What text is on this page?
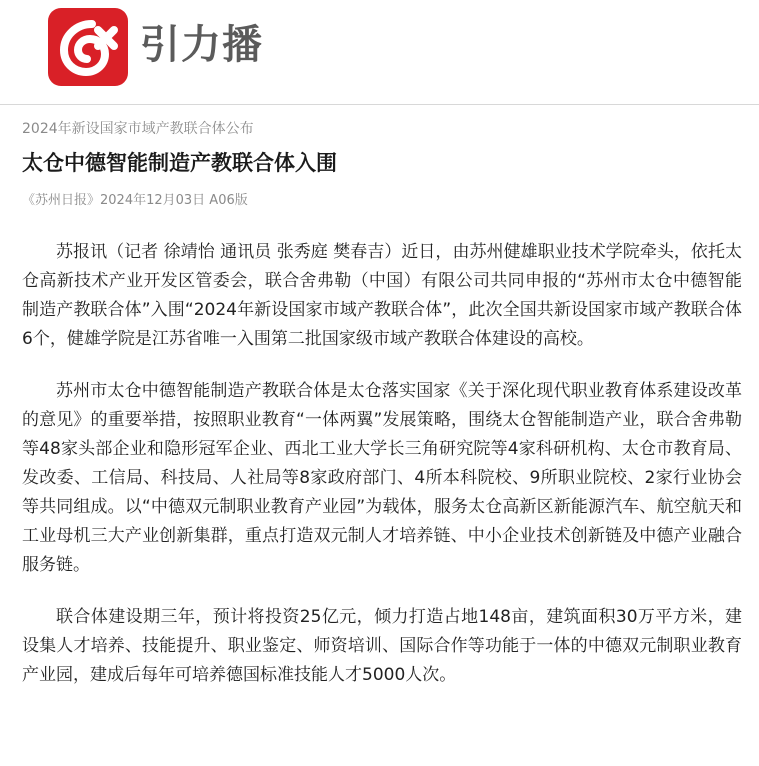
引力播
2024年新设国家市域产教联合体公布
太仓中德智能制造产教联合体入围
《苏州日报》2024年12月03日 A06版

苏报讯（记者 徐靖怡 通讯员 张秀庭 樊春吉）近日，由苏州健雄职业技术学院牵头，依托太仓高新技术产业开发区管委会，联合舍弗勒（中国）有限公司共同申报的“苏州市太仓中德智能制造产教联合体”入围“2024年新设国家市域产教联合体”，此次全国共新设国家市域产教联合体6个，健雄学院是江苏省唯一入围第二批国家级市域产教联合体建设的高校。

苏州市太仓中德智能制造产教联合体是太仓落实国家《关于深化现代职业教育体系建设改革的意见》的重要举措，按照职业教育“一体两翼”发展策略，围绕太仓智能制造产业，联合舍弗勒等48家头部企业和隐形冠军企业、西北工业大学长三角研究院等4家科研机构、太仓市教育局、发改委、工信局、科技局、人社局等8家政府部门、4所本科院校、9所职业院校、2家行业协会等共同组成。以“中德双元制职业教育产业园”为载体，服务太仓高新区新能源汽车、航空航天和工业母机三大产业创新集群，重点打造双元制人才培养链、中小企业技术创新链及中德产业融合服务链。

联合体建设期三年，预计将投资25亿元，倾力打造占地148亩，建筑面积30万平方米，建设集人才培养、技能提升、职业鉴定、师资培训、国际合作等功能于一体的中德双元制职业教育产业园，建成后每年可培养德国标准技能人才5000人次。
